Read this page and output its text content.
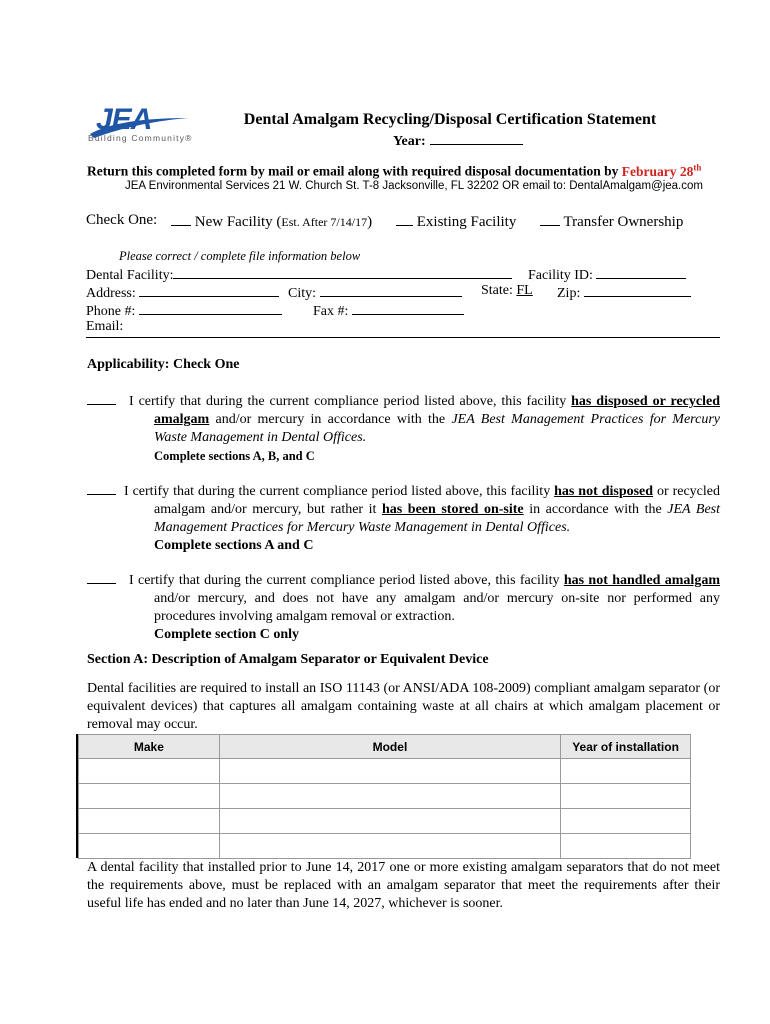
JEA
Building Community®
Dental Amalgam Recycling/Disposal Certification Statement
Year:
Return this completed form by mail or email along with required disposal documentation by February 28th
JEA Environmental Services 21 W. Church St. T-8 Jacksonville, FL 32202 OR email to: DentalAmalgam@jea.com
Check One:	New Facility (Est. After 7/14/17)	Existing Facility	Transfer Ownership
Please correct / complete file information below
Dental Facility:	Facility ID:
Address:	City:	State: FL Zip:
Phone #:	Fax #:
Email:
Applicability: Check One
I certify that during the current compliance period listed above, this facility has disposed or recycled amalgam and/or mercury in accordance with the JEA Best Management Practices for Mercury Waste Management in Dental Offices.
Complete sections A, B, and C
I certify that during the current compliance period listed above, this facility has not disposed or recycled amalgam and/or mercury, but rather it has been stored on-site in accordance with the JEA Best Management Practices for Mercury Waste Management in Dental Offices.
Complete sections A and C
I certify that during the current compliance period listed above, this facility has not handled amalgam and/or mercury, and does not have any amalgam and/or mercury on-site nor performed any procedures involving amalgam removal or extraction.
Complete section C only
Section A: Description of Amalgam Separator or Equivalent Device
Dental facilities are required to install an ISO 11143 (or ANSI/ADA 108-2009) compliant amalgam separator (or equivalent devices) that captures all amalgam containing waste at all chairs at which amalgam placement or removal may occur.
Make	Model	Year of installation

A dental facility that installed prior to June 14, 2017 one or more existing amalgam separators that do not meet the requirements above, must be replaced with an amalgam separator that meet the requirements after their useful life has ended and no later than June 14, 2027, whichever is sooner.
